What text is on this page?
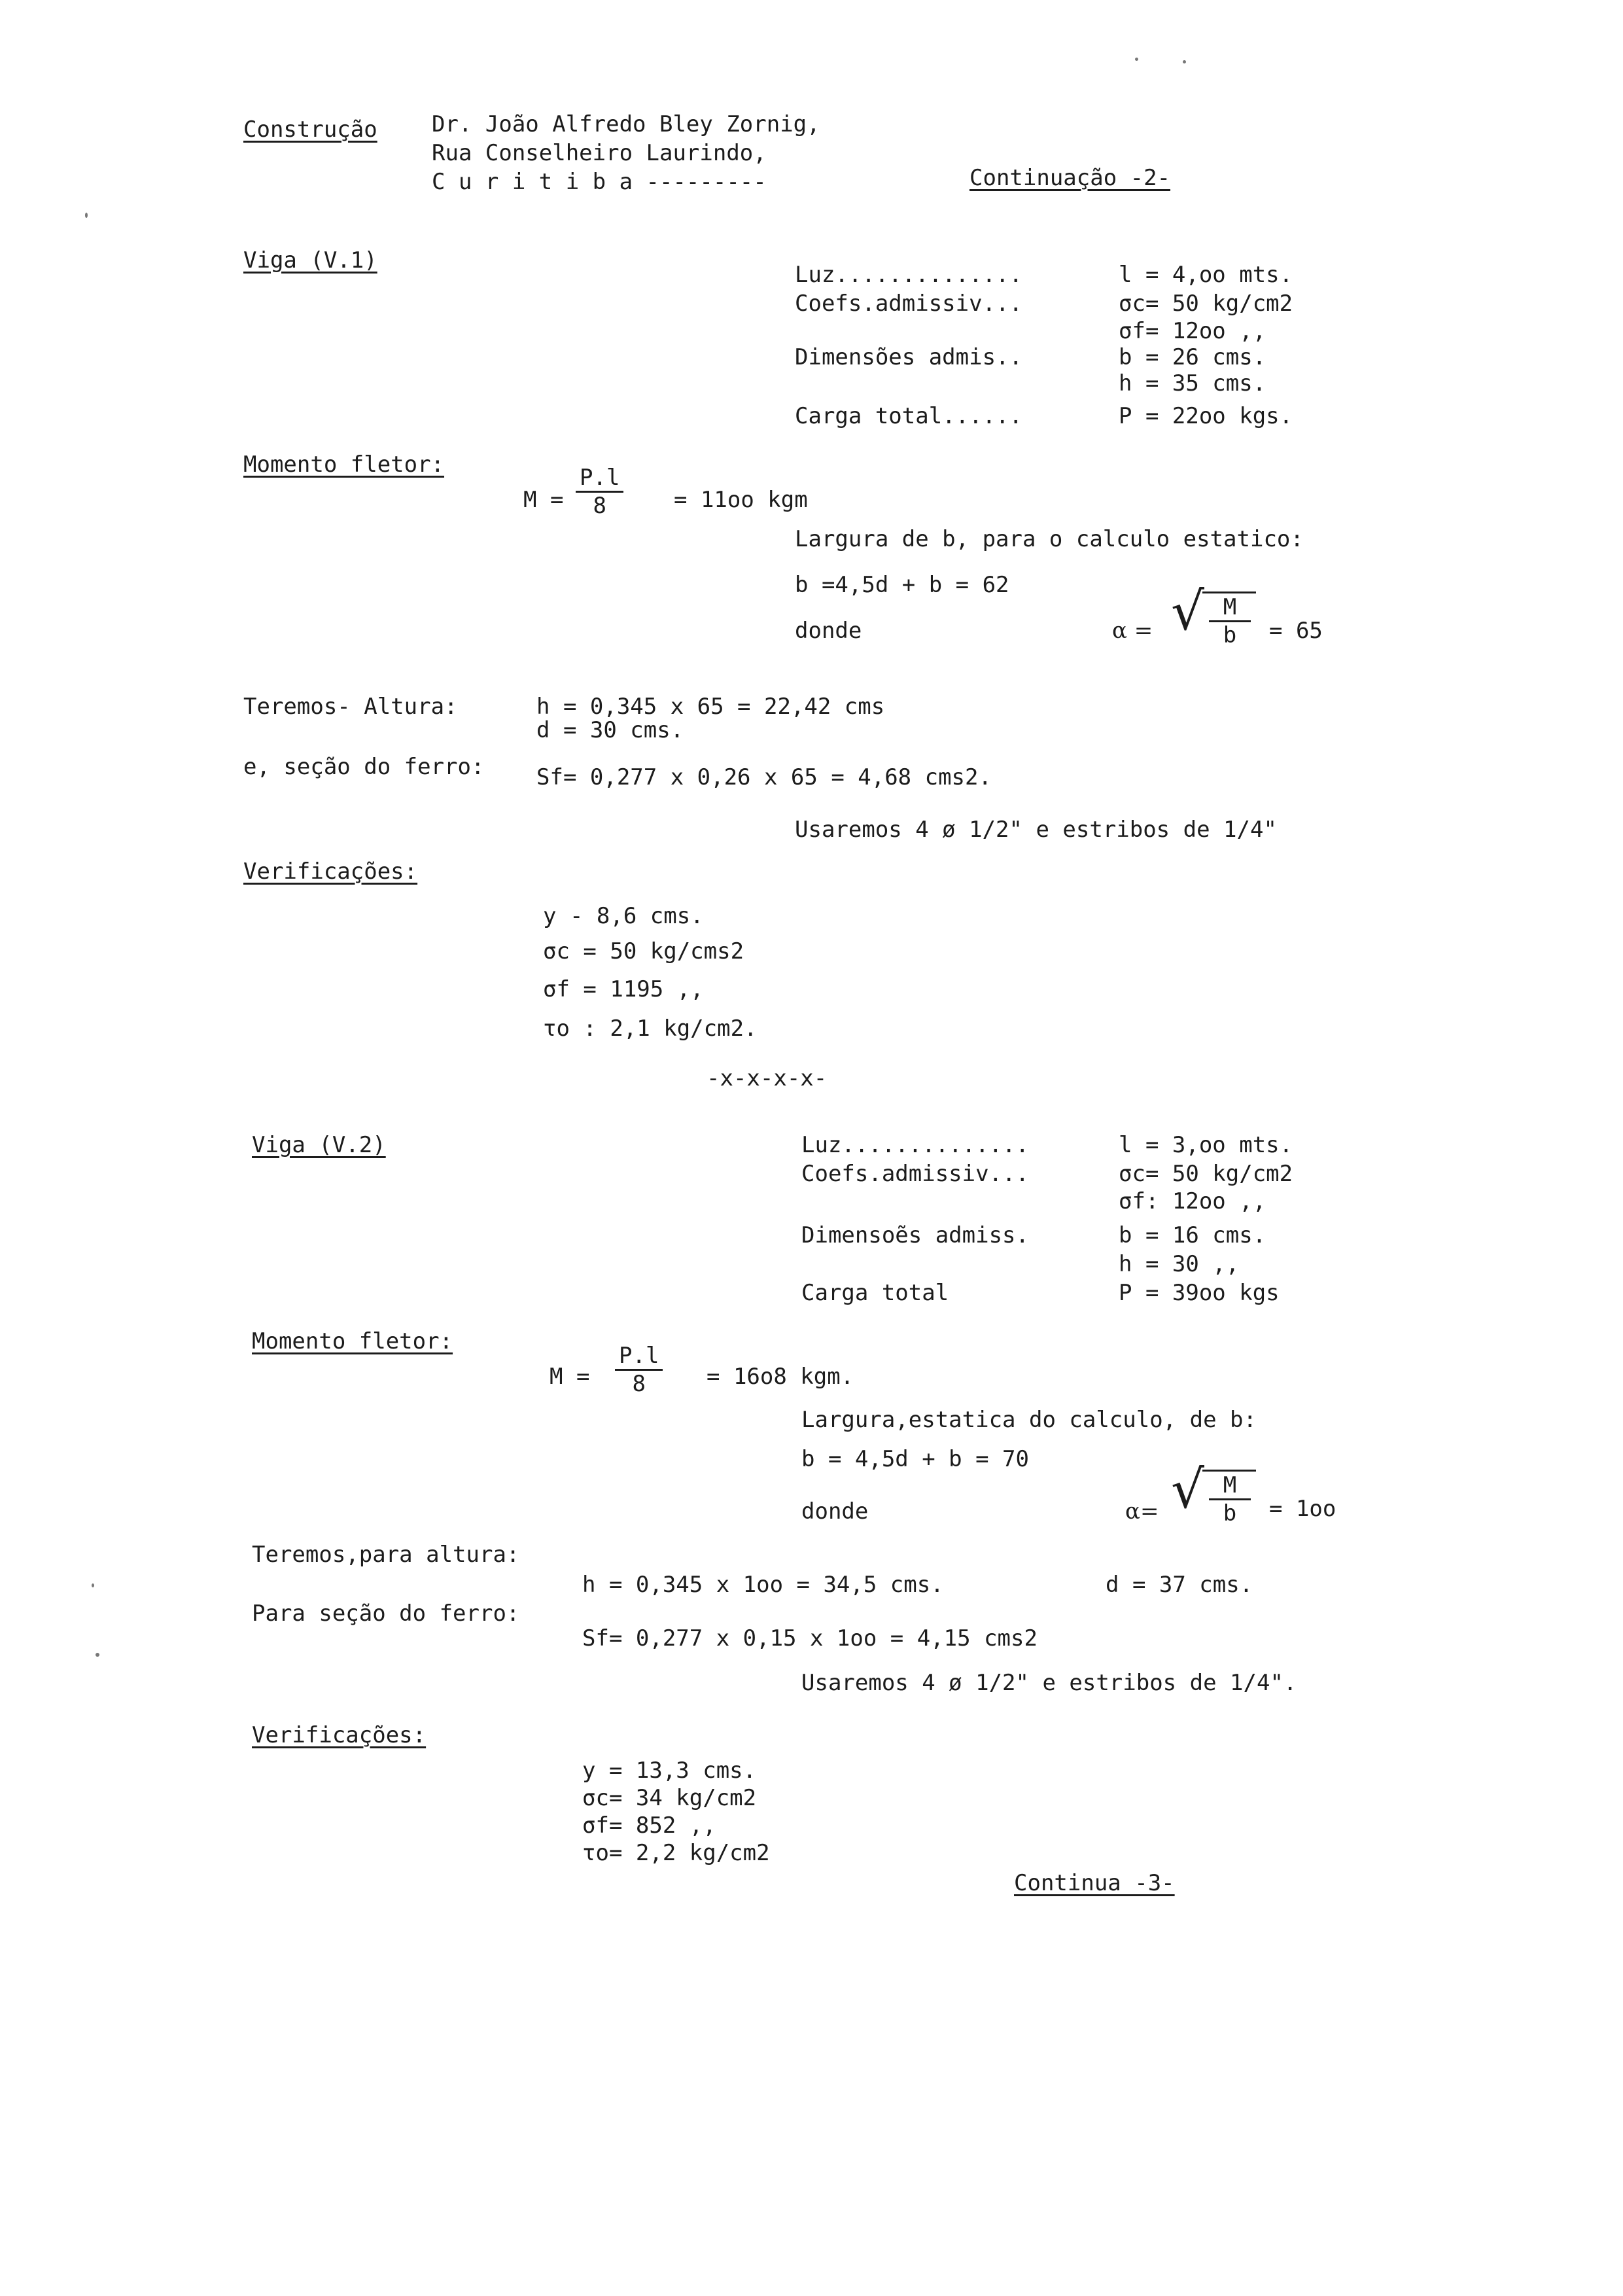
Construção Dr. João Alfredo Bley Zornig,
Rua Conselheiro Laurindo,
C u r i t i b a ---------	Continuação -2-
Viga (V.1)
Luz..............	l = 4,oo mts.
Coefs.admissiv...	σc= 50 kg/cm2
σf= 12oo ,,
Dimensões admis..	b = 26 cms.
h = 35 cms.
Carga total......	P = 22oo kgs.
Momento fletor:
$M = \frac{P.l}{8} = 11oo$ kgm
Largura de b, para o calculo estatico:
b =4,5d + b = 62
donde	α = √ $\frac{M}{b} = 65$
Teremos- Altura:	h = 0,345 x 65 = 22,42 cms
d = 30 cms.
e, seção do ferro: Sf= 0,277 x 0,26 x 65 = 4,68 cms2.
Usaremos 4 ø 1/2" e estribos de 1/4"
Verificações:
y - 8,6 cms.
σc = 50 kg/cms2
σf = 1195 ,,
τo : 2,1 kg/cm2.
-x-x-x-x-
Viga (V.2)	Luz..............	l = 3,oo mts.
Coefs.admissiv...	σc= 50 kg/cm2
σf: 12oo ,,
Dimensoẽs admiss.	b = 16 cms.
h = 30 ,,
Carga total	P = 39oo kgs
Momento fletor:
$M = \frac{P.l}{8} = 16o8$ kgm.
Largura,estatica do calculo, de b:
b = 4,5d + b = 70
donde	α= √ $\frac{M}{b} = 1oo$
Teremos,para altura:
h = 0,345 x 1oo = 34,5 cms.	d = 37 cms.
Para seção do ferro:
Sf= 0,277 x 0,15 x 1oo = 4,15 cms2
Usaremos 4 ø 1/2" e estribos de 1/4".
Verificações:
y = 13,3 cms.
σc= 34 kg/cm2
σf= 852 ,,
τo= 2,2 kg/cm2
Continua -3-
